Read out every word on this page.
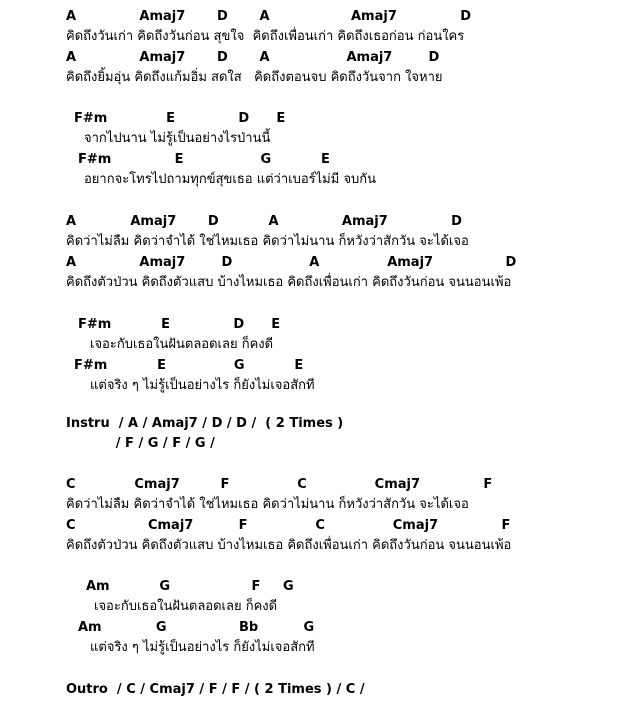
A              Amaj7       D       A                  Amaj7              D
คิดถึงวันเก่า คิดถึงวันก่อน สุขใจ  คิดถึงเพื่อนเก่า คิดถึงเธอก่อน ก่อนใคร
A              Amaj7       D       A                 Amaj7        D
คิดถึงยิ้มอุ่น คิดถึงแก้มอิ่ม สดใส   คิดถึงตอนจบ คิดถึงวันจาก ใจหาย
F#m             E              D      E
จากไปนาน ไม่รู้เป็นอย่างไรป่านนี้
F#m              E                 G           E
อยากจะโทรไปถามทุกข์สุขเธอ แต่ว่าเบอร์ไม่มี จบกัน
A            Amaj7       D           A              Amaj7              D
คิดว่าไม่ลืม คิดว่าจำได้ ใช่ไหมเธอ คิดว่าไม่นาน ก็หวังว่าสักวัน จะได้เจอ
A              Amaj7        D                 A               Amaj7                D
คิดถึงตัวป่วน คิดถึงตัวแสบ บ้างไหมเธอ คิดถึงเพื่อนเก่า คิดถึงวันก่อน จนนอนเพ้อ
F#m           E              D      E
เจอะกับเธอในฝันตลอดเลย ก็คงดี
F#m           E               G           E
แต่จริง ๆ ไม่รู้เป็นอย่างไร ก็ยังไม่เจอสักที
Instru  / A / Amaj7 / D / D /  ( 2 Times )
/ F / G / F / G /
C             Cmaj7         F               C               Cmaj7              F
คิดว่าไม่ลืม คิดว่าจำได้ ใช่ไหมเธอ คิดว่าไม่นาน ก็หวังว่าสักวัน จะได้เจอ
C                Cmaj7          F               C               Cmaj7              F
คิดถึงตัวป่วน คิดถึงตัวแสบ บ้างไหมเธอ คิดถึงเพื่อนเก่า คิดถึงวันก่อน จนนอนเพ้อ
Am           G                  F     G
เจอะกับเธอในฝันตลอดเลย ก็คงดี
Am            G                Bb          G
แต่จริง ๆ ไม่รู้เป็นอย่างไร ก็ยังไม่เจอสักที
Outro  / C / Cmaj7 / F / F / ( 2 Times ) / C /
